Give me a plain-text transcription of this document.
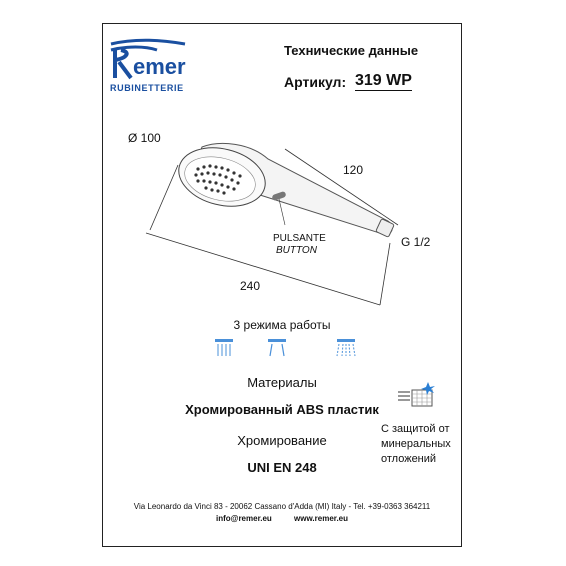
emer
RUBINETTERIE
Технические данные
Артикул: 319 WP
Ø 100
120
240
G 1/2
PULSANTE
BUTTON
3 режима работы
Материалы
Хромированный ABS пластик
Хромирование
UNI EN 248
С защитой от минеральных отложений
Via Leonardo da Vinci 83 - 20062 Cassano d'Adda (MI) Italy - Tel. +39-0363 364211
info@remer.eu	www.remer.eu
